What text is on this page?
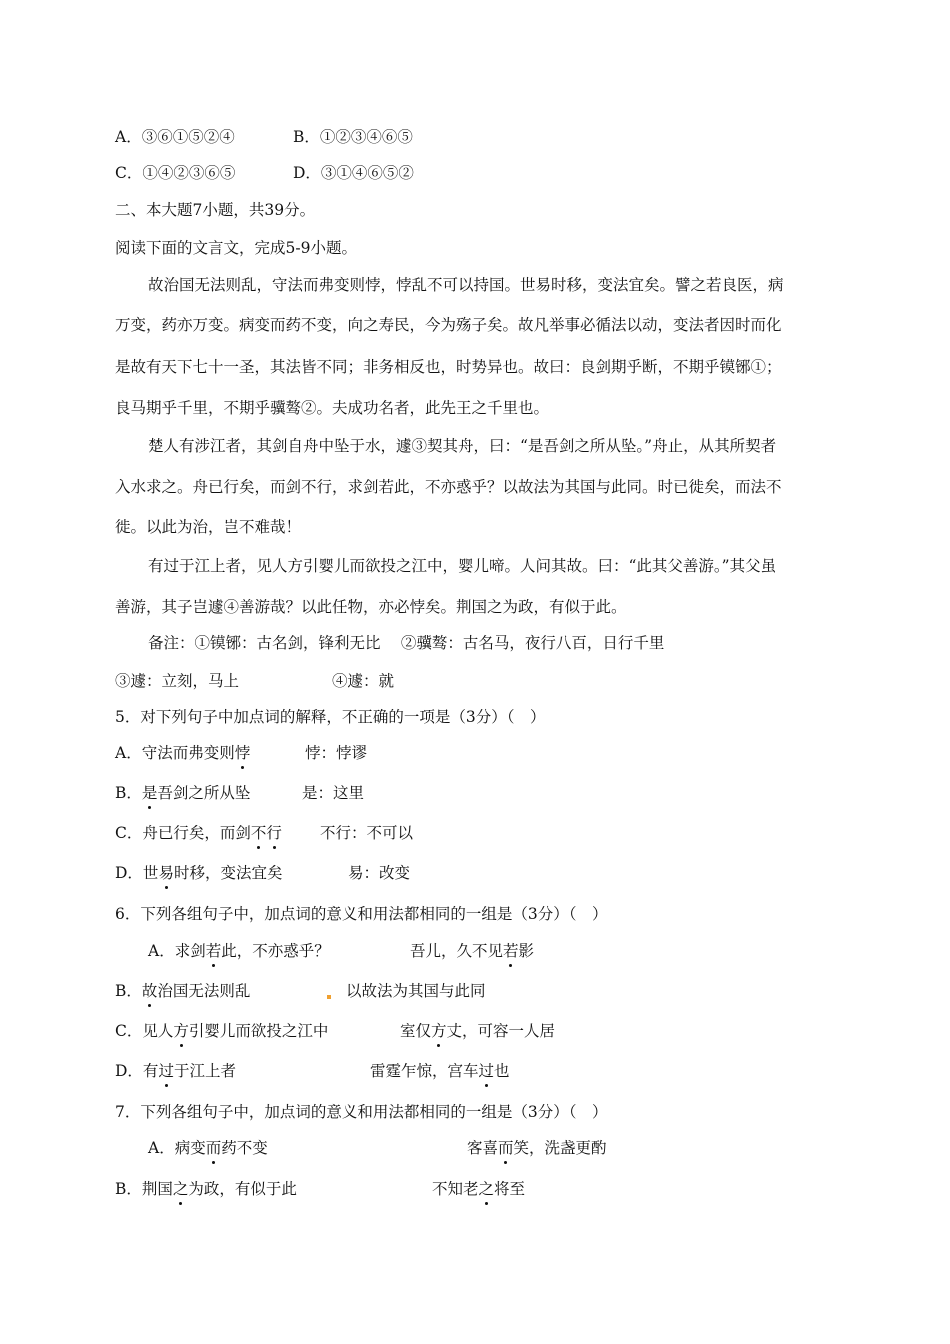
A．③⑥①⑤②④	B．①②③④⑥⑤
C．①④②③⑥⑤	D．③①④⑥⑤②
二、本大题7小题，共39分。
阅读下面的文言文，完成5-9小题。
故治国无法则乱，守法而弗变则悖，悖乱不可以持国。世易时移，变法宜矣。譬之若良医，病
万变，药亦万变。病变而药不变，向之寿民，今为殇子矣。故凡举事必循法以动，变法者因时而化
是故有天下七十一圣，其法皆不同；非务相反也，时势异也。故曰：良剑期乎断，不期乎镆铘①；
良马期乎千里，不期乎骥骜②。夫成功名者，此先王之千里也。
楚人有涉江者，其剑自舟中坠于水，遽③契其舟，曰：“是吾剑之所从坠。”舟止，从其所契者
入水求之。舟已行矣，而剑不行，求剑若此，不亦惑乎？以故法为其国与此同。时已徙矣，而法不
徙。以此为治，岂不难哉！
有过于江上者，见人方引婴儿而欲投之江中，婴儿啼。人问其故。曰：“此其父善游。”其父虽
善游，其子岂遽④善游哉？以此任物，亦必悖矣。荆国之为政，有似于此。
备注：①镆铘：古名剑，锋利无比　 ②骥骜：古名马，夜行八百，日行千里
③遽：立刻，马上　　　　　　④遽：就
5．对下列句子中加点词的解释，不正确的一项是（3分）（　）
A．守法而弗变则悖	悖：悖谬
B．是吾剑之所从坠	是：这里
C．舟已行矣，而剑不行 不行：不可以
D．世易时移，变法宜矣	易：改变
6．下列各组句子中，加点词的意义和用法都相同的一组是（3分）（　）
A．求剑若此，不亦惑乎？	吾儿，久不见若影
B．故治国无法则乱	以故法为其国与此同
C．见人方引婴儿而欲投之江中	室仅方丈，可容一人居
D．有过于江上者	雷霆乍惊，宫车过也
7．下列各组句子中，加点词的意义和用法都相同的一组是（3分）（　）
A．病变而药不变	客喜而笑，洗盏更酌
B．荆国之为政，有似于此	不知老之将至
